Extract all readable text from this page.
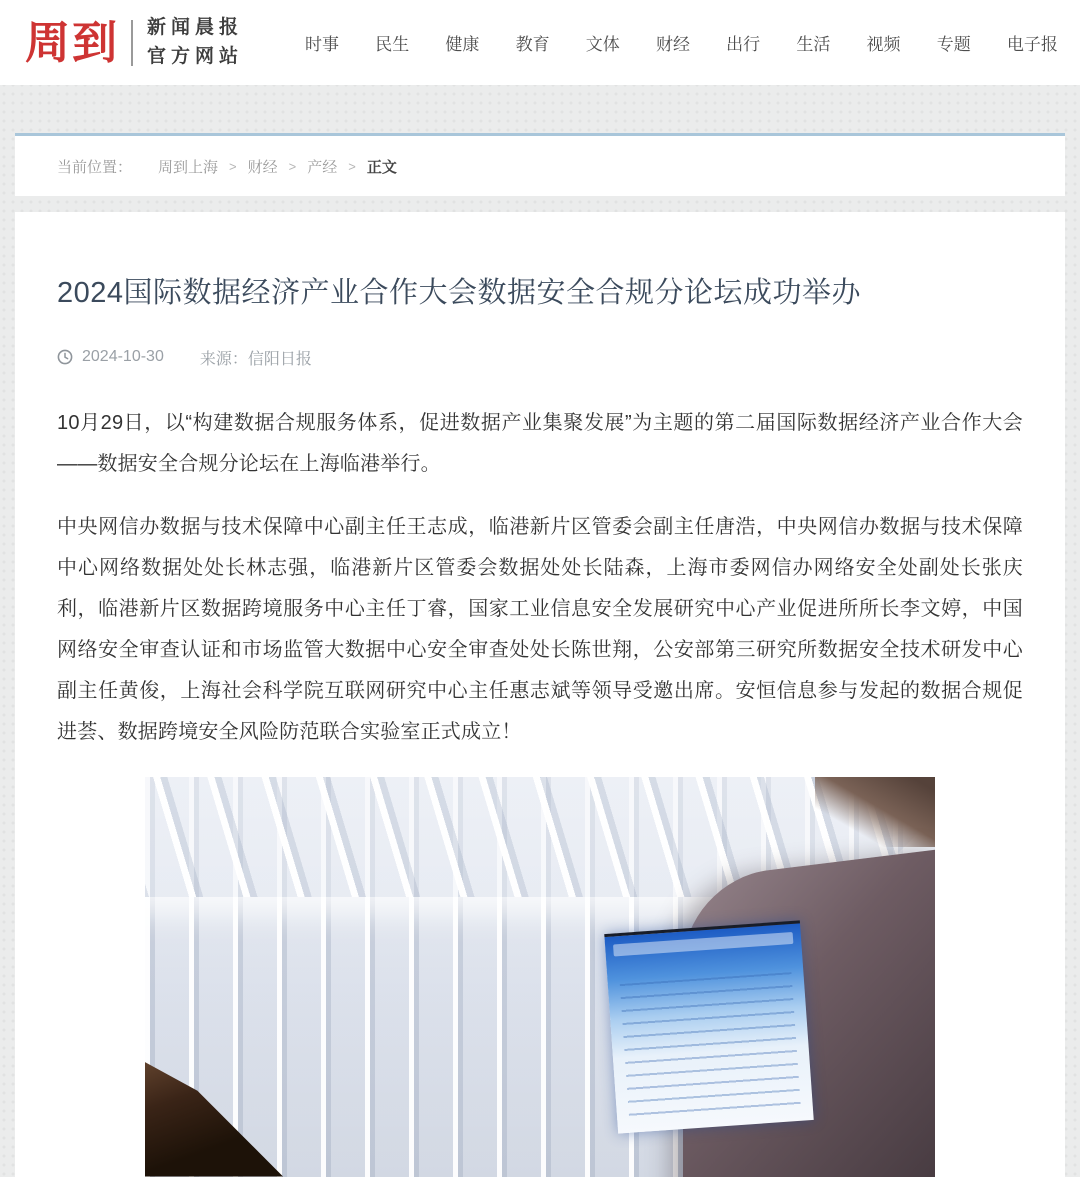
周到 新闻晨报
官方网站
时事 民生 健康 教育 文体 财经 出行 生活 视频 专题 电子报
当前位置： 周到上海 > 财经 > 产经 > 正文
2024国际数据经济产业合作大会数据安全合规分论坛成功举办
2024-10-30 来源：信阳日报

10月29日，以“构建数据合规服务体系，促进数据产业集聚发展”为主题的第二届国际数据经济产业合作大会——数据安全合规分论坛在上海临港举行。

中央网信办数据与技术保障中心副主任王志成，临港新片区管委会副主任唐浩，中央网信办数据与技术保障中心网络数据处处长林志强，临港新片区管委会数据处处长陆森，上海市委网信办网络安全处副处长张庆利，临港新片区数据跨境服务中心主任丁睿，国家工业信息安全发展研究中心产业促进所所长李文婷，中国网络安全审查认证和市场监管大数据中心安全审查处处长陈世翔，公安部第三研究所数据安全技术研发中心副主任黄俊，上海社会科学院互联网研究中心主任惠志斌等领导受邀出席。安恒信息参与发起的数据合规促进荟、数据跨境安全风险防范联合实验室正式成立！
